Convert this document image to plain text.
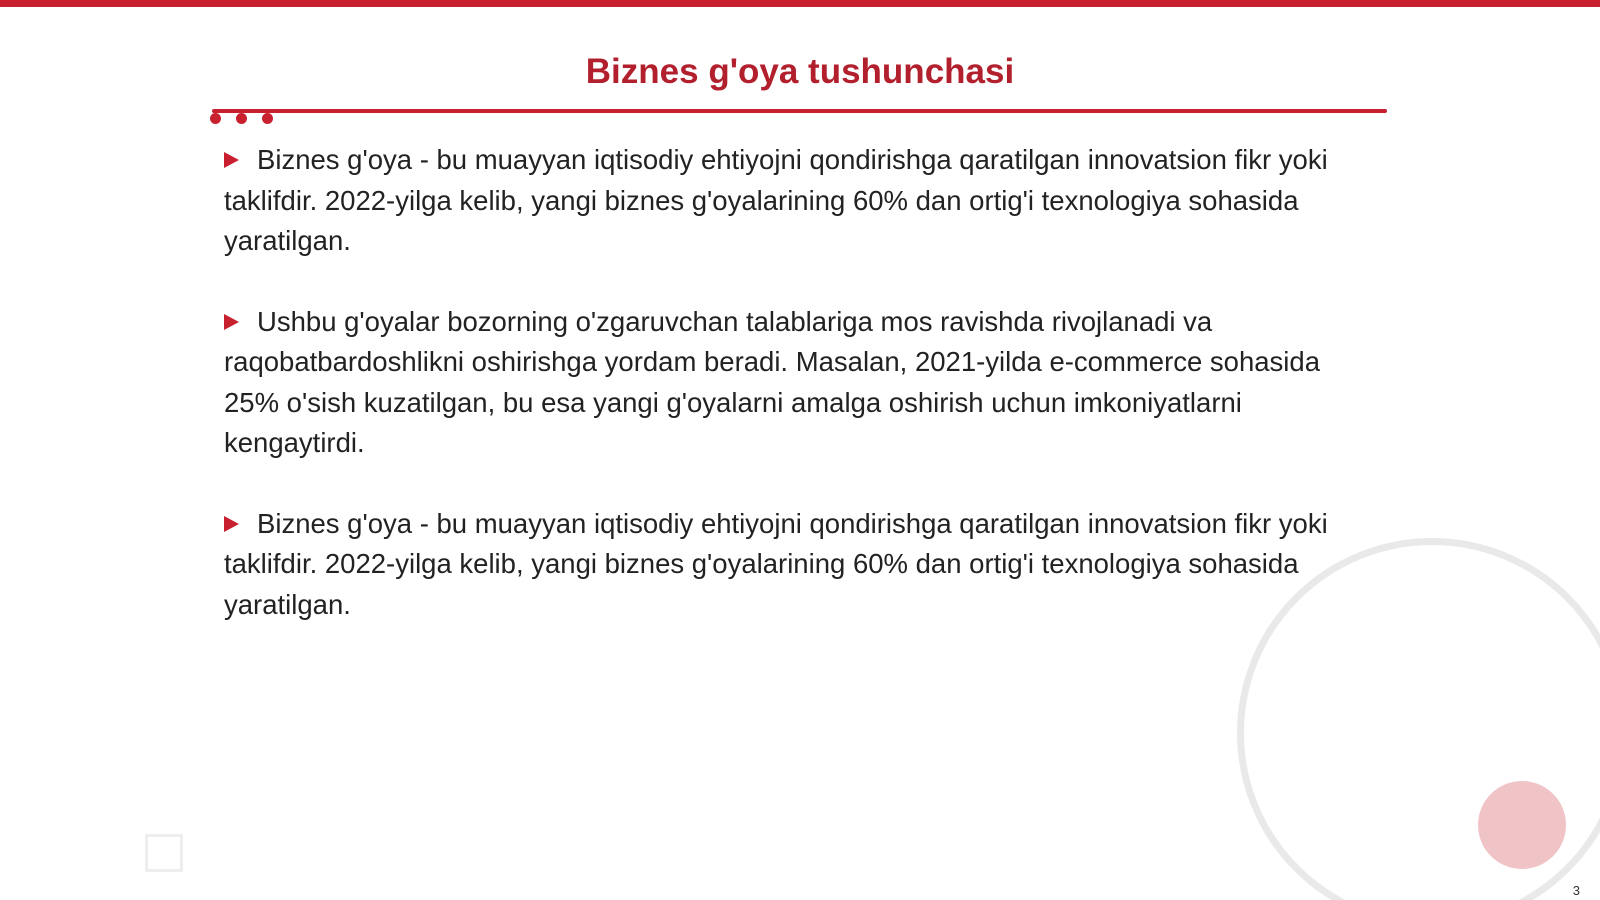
Biznes g'oya tushunchasi

Biznes g'oya - bu muayyan iqtisodiy ehtiyojni qondirishga qaratilgan innovatsion fikr yoki taklifdir. 2022-yilga kelib, yangi biznes g'oyalarining 60% dan ortig'i texnologiya sohasida yaratilgan.

Ushbu g'oyalar bozorning o'zgaruvchan talablariga mos ravishda rivojlanadi va raqobatbardoshlikni oshirishga yordam beradi. Masalan, 2021-yilda e-commerce sohasida 25% o'sish kuzatilgan, bu esa yangi g'oyalarni amalga oshirish uchun imkoniyatlarni kengaytirdi.

Biznes g'oya - bu muayyan iqtisodiy ehtiyojni qondirishga qaratilgan innovatsion fikr yoki taklifdir. 2022-yilga kelib, yangi biznes g'oyalarining 60% dan ortig'i texnologiya sohasida yaratilgan.

3
